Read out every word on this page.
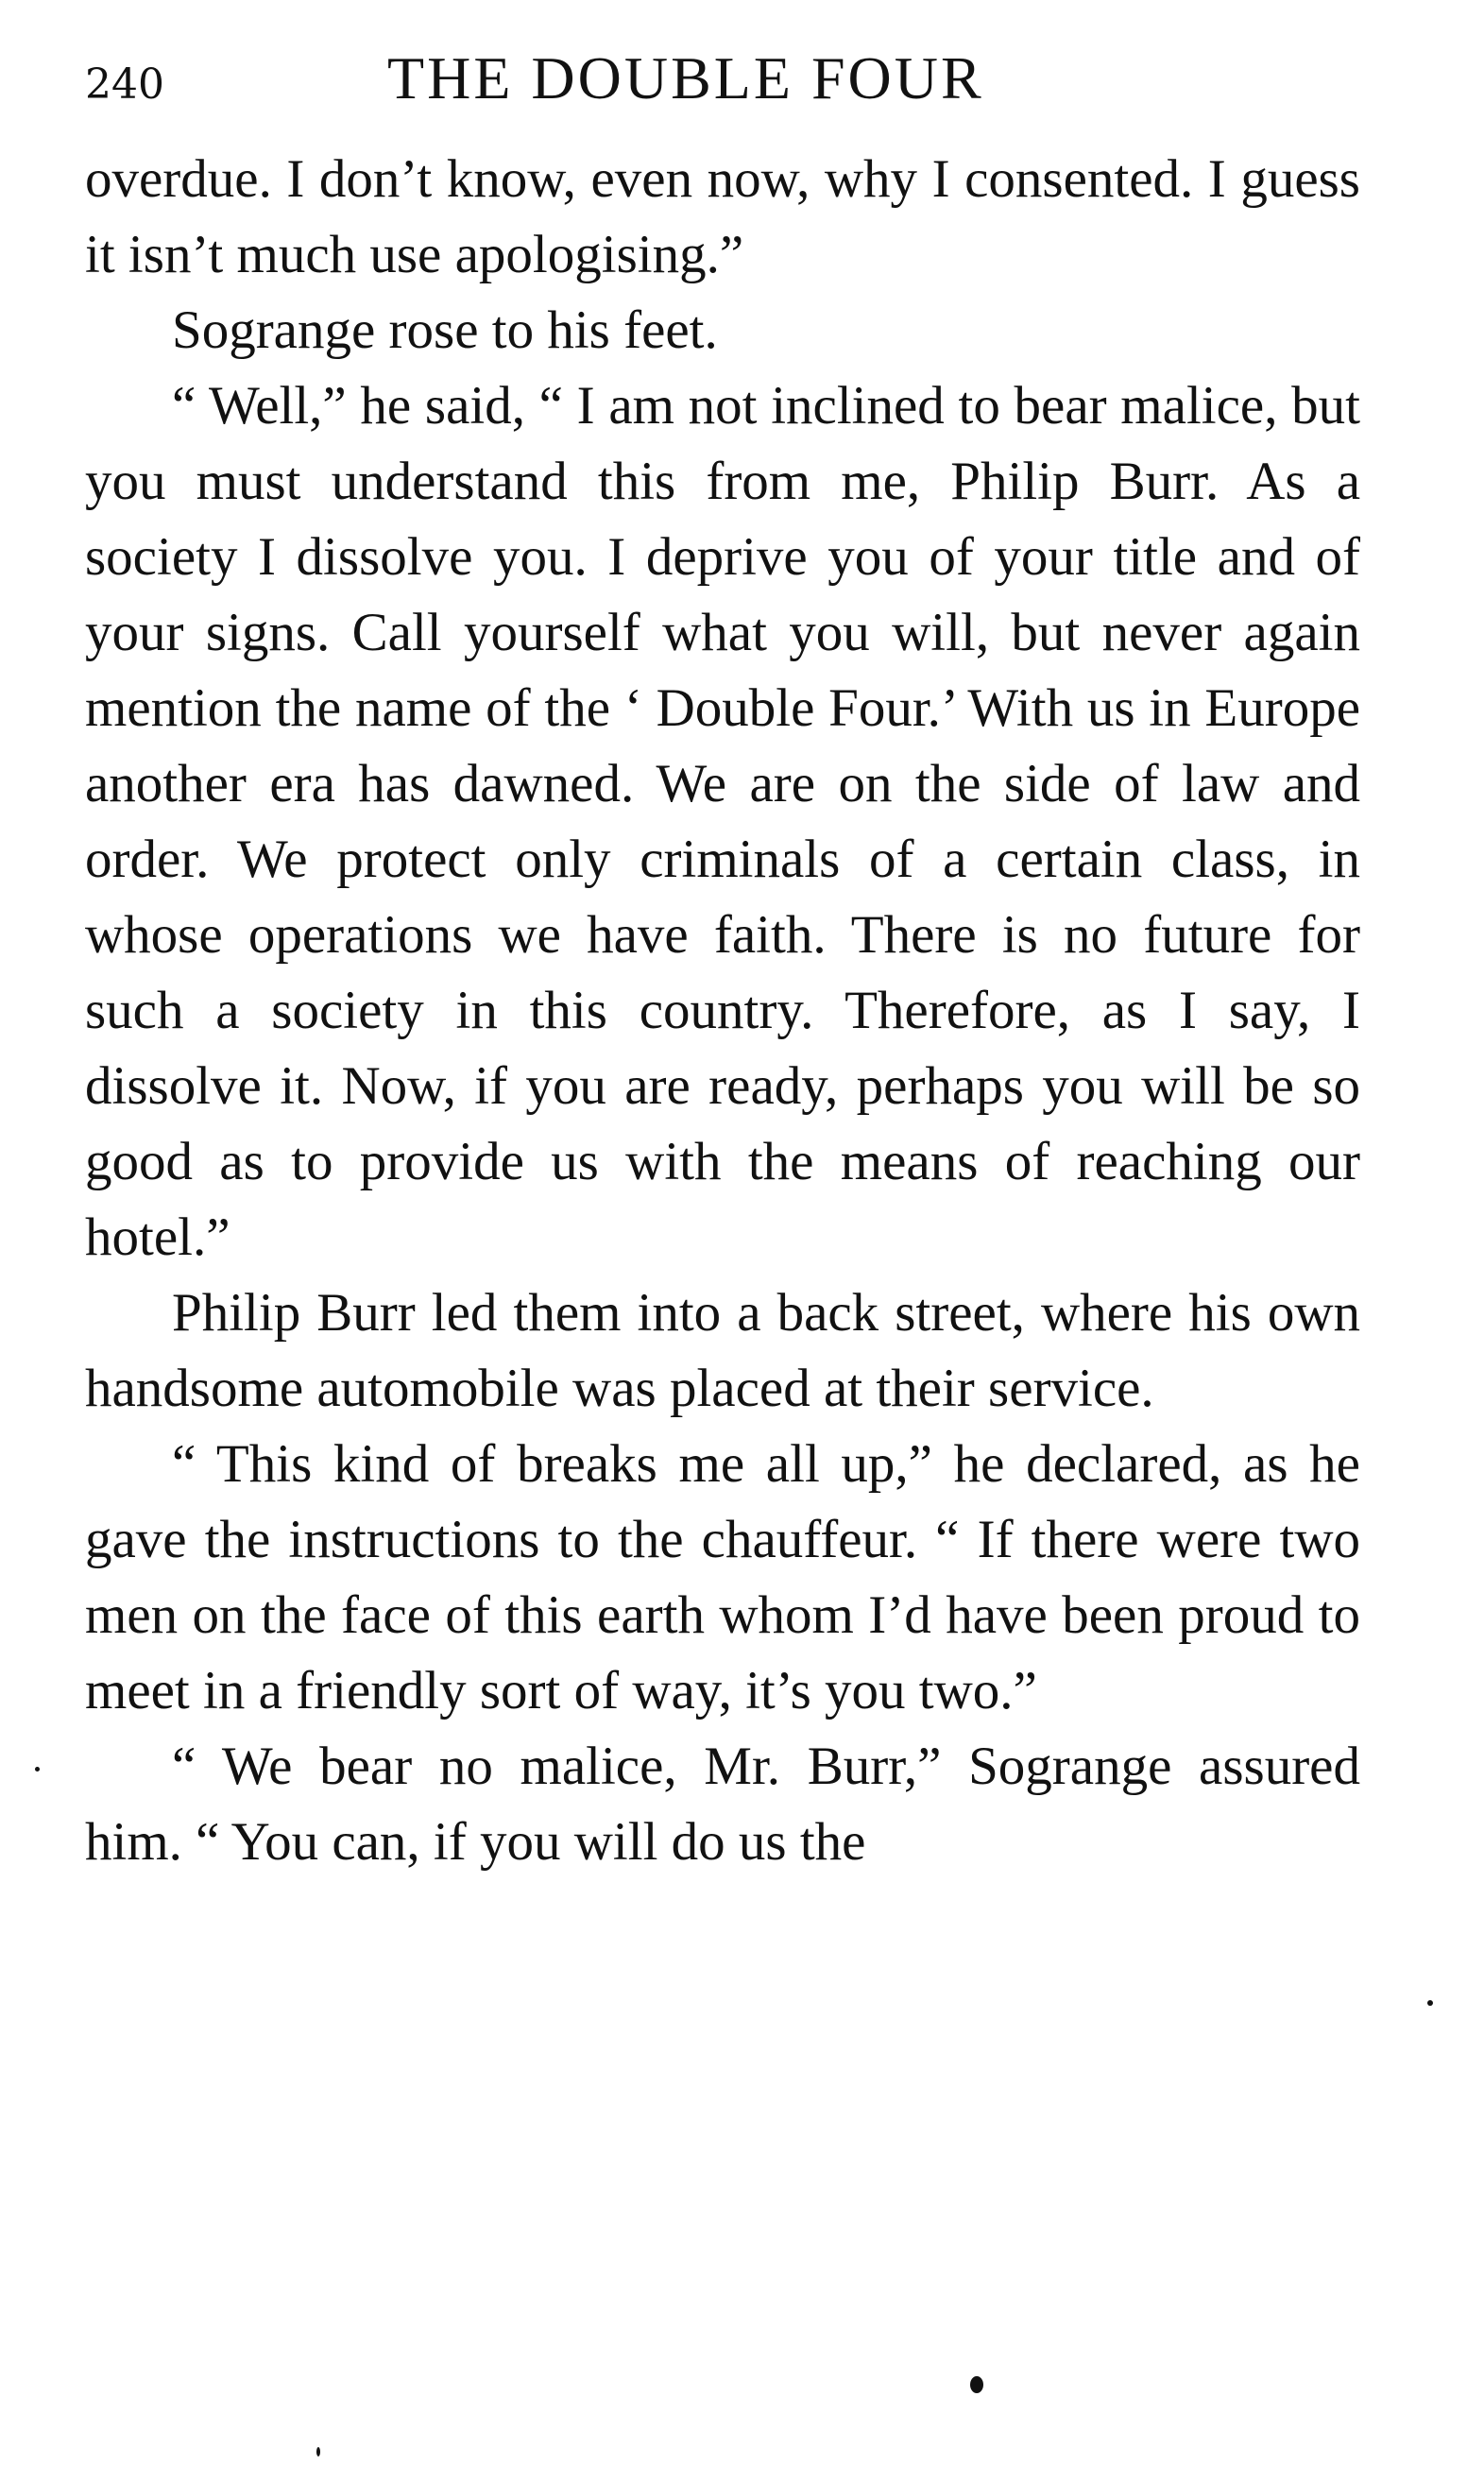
240	THE DOUBLE FOUR

overdue. I don’t know, even now, why I consented. I guess it isn’t much use apologising.”

Sogrange rose to his feet.

“ Well,” he said, “ I am not inclined to bear malice, but you must understand this from me, Philip Burr. As a society I dissolve you. I deprive you of your title and of your signs. Call yourself what you will, but never again mention the name of the ‘ Double Four.’ With us in Europe another era has dawned. We are on the side of law and order. We protect only criminals of a certain class, in whose operations we have faith. There is no future for such a society in this country. Therefore, as I say, I dissolve it. Now, if you are ready, perhaps you will be so good as to provide us with the means of reaching our hotel.”

Philip Burr led them into a back street, where his own handsome automobile was placed at their service.

“ This kind of breaks me all up,” he declared, as he gave the instructions to the chauffeur. “ If there were two men on the face of this earth whom I’d have been proud to meet in a friendly sort of way, it’s you two.”

“ We bear no malice, Mr. Burr,” Sogrange assured him. “ You can, if you will do us the
